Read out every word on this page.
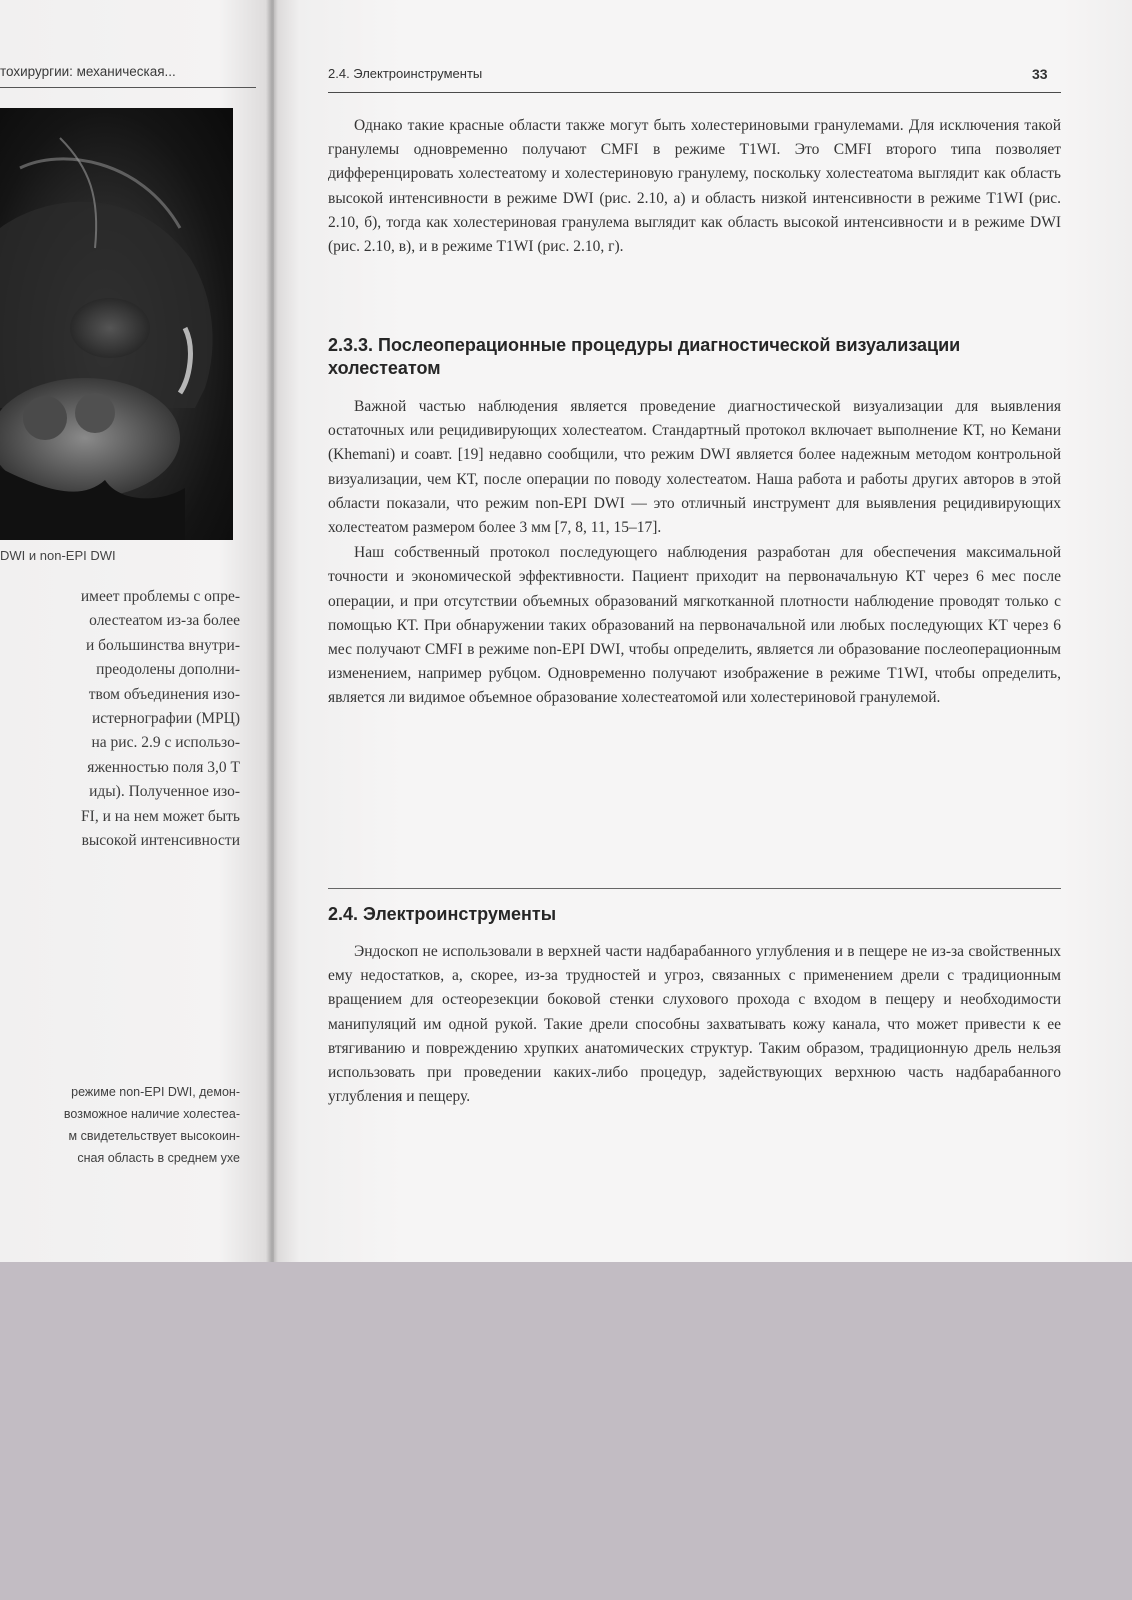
тохирургии: механическая...
DWI и non-EPI DWI
имеет проблемы с опре-
олестеатом из-за более
и большинства внутри-
преодолены дополни-
твом объединения изо-
истернографии (МРЦ)
на рис. 2.9 с использо-
яженностью поля 3,0 Т
иды). Полученное изо-
FI, и на нем может быть
высокой интенсивности
режиме non-EPI DWI, демон-
возможное наличие холестеа-
м свидетельствует высокоин-
сная область в среднем ухе
2.4. Электроинструменты	33

Однако такие красные области также могут быть холестериновыми гранулемами. Для исключения такой гранулемы одновременно получают CMFI в режиме T1WI. Это CMFI второго типа позволяет дифференцировать холестеатому и холестериновую гранулему, поскольку холестеатома выглядит как область высокой интенсивности в режиме DWI (рис. 2.10, а) и область низкой интенсивности в режиме T1WI (рис. 2.10, б), тогда как холестериновая гранулема выглядит как область высокой интенсивности и в режиме DWI (рис. 2.10, в), и в режиме T1WI (рис. 2.10, г).

2.3.3. Послеоперационные процедуры диагностической визуализации холестеатом

Важной частью наблюдения является проведение диагностической визуализации для выявления остаточных или рецидивирующих холестеатом. Стандартный протокол включает выполнение КТ, но Кемани (Khemani) и соавт. [19] недавно сообщили, что режим DWI является более надежным методом контрольной визуализации, чем КТ, после операции по поводу холестеатом. Наша работа и работы других авторов в этой области показали, что режим non-EPI DWI — это отличный инструмент для выявления рецидивирующих холестеатом размером более 3 мм [7, 8, 11, 15–17].

Наш собственный протокол последующего наблюдения разработан для обеспечения максимальной точности и экономической эффективности. Пациент приходит на первоначальную КТ через 6 мес после операции, и при отсутствии объемных образований мягкотканной плотности наблюдение проводят только с помощью КТ. При обнаружении таких образований на первоначальной или любых последующих КТ через 6 мес получают CMFI в режиме non-EPI DWI, чтобы определить, является ли образование послеоперационным изменением, например рубцом. Одновременно получают изображение в режиме T1WI, чтобы определить, является ли видимое объемное образование холестеатомой или холестериновой гранулемой.

2.4. Электроинструменты

Эндоскоп не использовали в верхней части надбарабанного углубления и в пещере не из-за свойственных ему недостатков, а, скорее, из-за трудностей и угроз, связанных с применением дрели с традиционным вращением для остеорезекции боковой стенки слухового прохода с входом в пещеру и необходимости манипуляций им одной рукой. Такие дрели способны захватывать кожу канала, что может привести к ее втягиванию и повреждению хрупких анатомических структур. Таким образом, традиционную дрель нельзя использовать при проведении каких-либо процедур, задействующих верхнюю часть надбарабанного углубления и пещеру.
